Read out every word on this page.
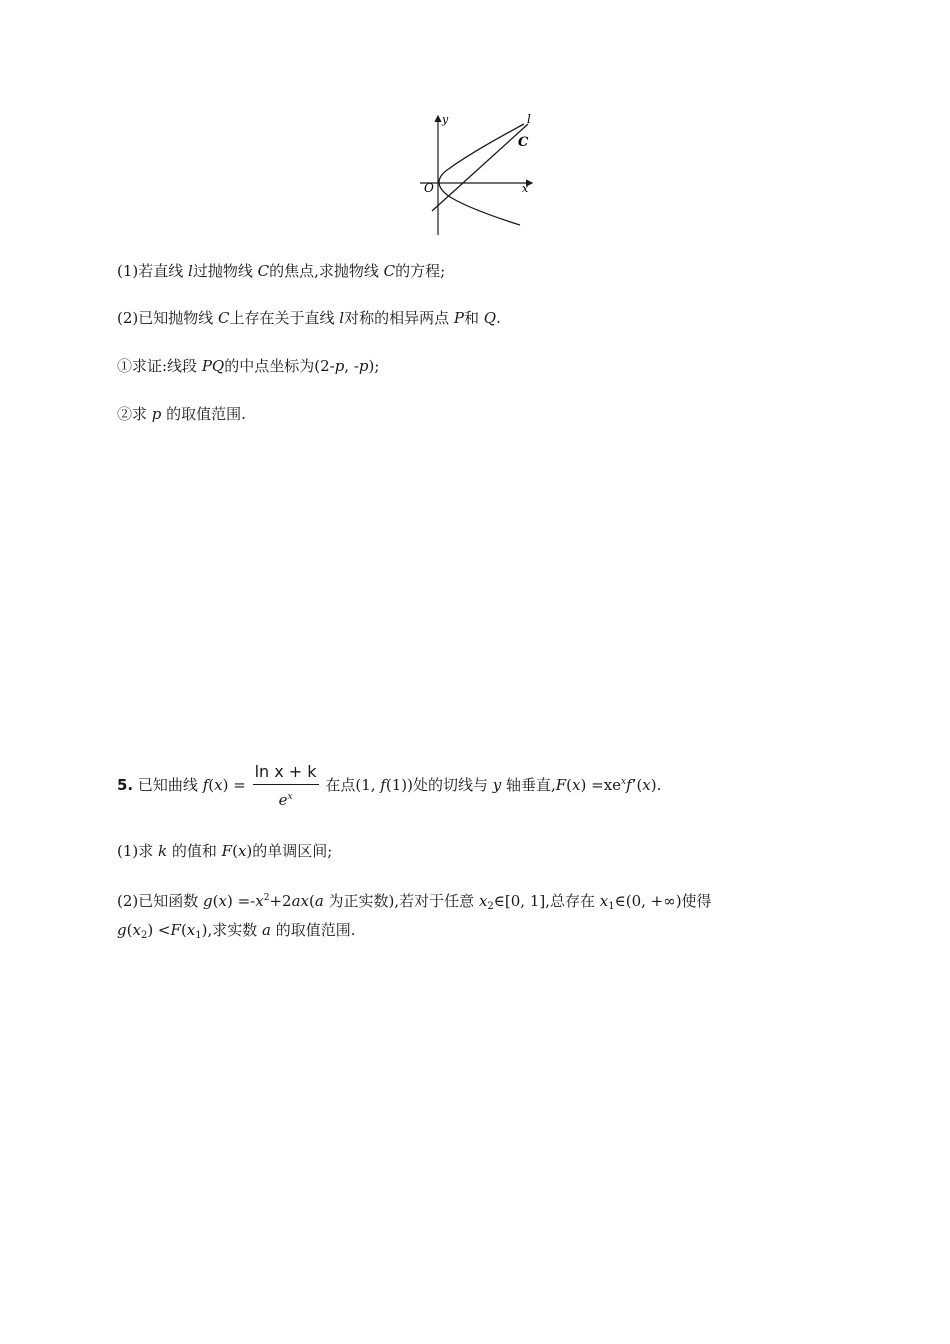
y
x
O
l
C
(1)若直线 l过抛物线 C的焦点,求抛物线 C的方程;
(2)已知抛物线 C上存在关于直线 l对称的相异两点 P和 Q.
①求证:线段 PQ的中点坐标为(2-p, -p);
②求 p 的取值范围.
5. 已知曲线 $f(x) = \frac{\text{ln x + k}}{e^x}$ 在点(1, f(1))处的切线与 y 轴垂直$,F(x) =xe^xf’(x)$.
(1)求 k 的值和 F(x)的单调区间;
(2)已知函数 $g(x) =-x^2+2ax(a$ 为正实数),若对于任意 $x_2\in[0$, 1],总存在 $x_1\in(0$, +∞)使得
$g(x_2) <F(x_1)$,求实数 a 的取值范围.
